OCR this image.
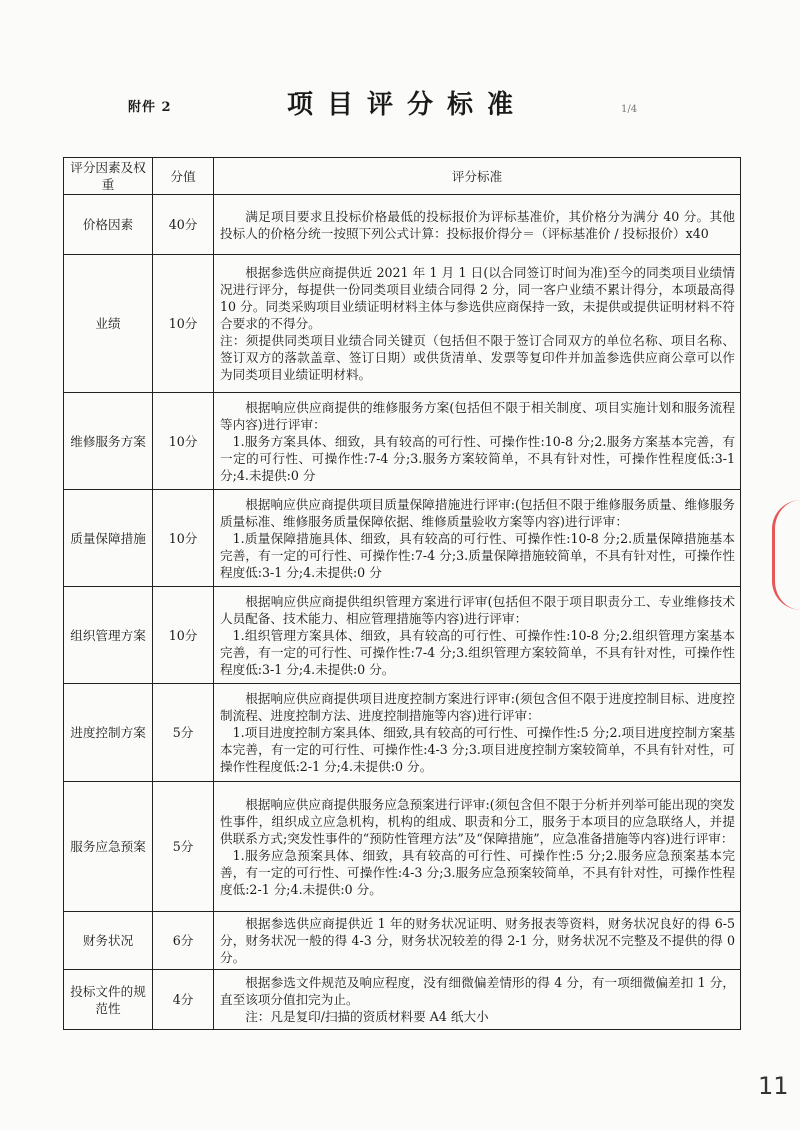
附件 2	项目评分标准	1/4
评分因素及权重	分值	评分标准
价格因素	40分	满足项目要求且投标价格最低的投标报价为评标基准价，其价格分为满分 40 分。其他投标人的价格分统一按照下列公式计算：投标报价得分＝（评标基准价 / 投标报价）x40

业绩	10分	根据参选供应商提供近 2021 年 1 月 1 日(以合同签订时间为准)至今的同类项目业绩情况进行评分，每提供一份同类项目业绩合同得 2 分，同一客户业绩不累计得分，本项最高得 10 分。同类采购项目业绩证明材料主体与参选供应商保持一致，未提供或提供证明材料不符合要求的不得分。

注：须提供同类项目业绩合同关键页（包括但不限于签订合同双方的单位名称、项目名称、签订双方的落款盖章、签订日期）或供货清单、发票等复印件并加盖参选供应商公章可以作为同类项目业绩证明材料。

维修服务方案	10分	根据响应供应商提供的维修服务方案(包括但不限于相关制度、项目实施计划和服务流程等内容)进行评审：

1.服务方案具体、细致，具有较高的可行性、可操作性:10-8 分;2.服务方案基本完善，有一定的可行性、可操作性:7-4 分;3.服务方案较简单，不具有针对性，可操作性程度低:3-1 分;4.未提供:0 分

质量保障措施	10分	根据响应供应商提供项目质量保障措施进行评审:(包括但不限于维修服务质量、维修服务质量标准、维修服务质量保障依据、维修质量验收方案等内容)进行评审：

1.质量保障措施具体、细致，具有较高的可行性、可操作性:10-8 分;2.质量保障措施基本完善，有一定的可行性、可操作性:7-4 分;3.质量保障措施较简单，不具有针对性，可操作性程度低:3-1 分;4.未提供:0 分

组织管理方案	10分	根据响应供应商提供组织管理方案进行评审(包括但不限于项目职责分工、专业维修技术人员配备、技术能力、相应管理措施等内容)进行评审：

1.组织管理方案具体、细致，具有较高的可行性、可操作性:10-8 分;2.组织管理方案基本完善，有一定的可行性、可操作性:7-4 分;3.组织管理方案较简单，不具有针对性，可操作性程度低:3-1 分;4.未提供:0 分。

进度控制方案	5分	根据响应供应商提供项目进度控制方案进行评审:(须包含但不限于进度控制目标、进度控制流程、进度控制方法、进度控制措施等内容)进行评审：

1.项目进度控制方案具体、细致,具有较高的可行性、可操作性:5 分;2.项目进度控制方案基本完善，有一定的可行性、可操作性:4-3 分;3.项目进度控制方案较简单，不具有针对性，可操作性程度低:2-1 分;4.未提供:0 分。

服务应急预案	5分	根据响应供应商提供服务应急预案进行评审:(须包含但不限于分析并列举可能出现的突发性事件，组织成立应急机构，机构的组成、职责和分工，服务于本项目的应急联络人，并提供联系方式;突发性事件的“预防性管理方法”及“保障措施”，应急准备措施等内容)进行评审：

1.服务应急预案具体、细致，具有较高的可行性、可操作性:5 分;2.服务应急预案基本完善，有一定的可行性、可操作性:4-3 分;3.服务应急预案较简单，不具有针对性，可操作性程度低:2-1 分;4.未提供:0 分。

财务状况	6分	根据参选供应商提供近 1 年的财务状况证明、财务报表等资料，财务状况良好的得 6-5 分，财务状况一般的得 4-3 分，财务状况较差的得 2-1 分，财务状况不完整及不提供的得 0 分。

投标文件的规范性	4分	根据参选文件规范及响应程度，没有细微偏差情形的得 4 分，有一项细微偏差扣 1 分，直至该项分值扣完为止。

注：凡是复印/扫描的资质材料要 A4 纸大小

11
